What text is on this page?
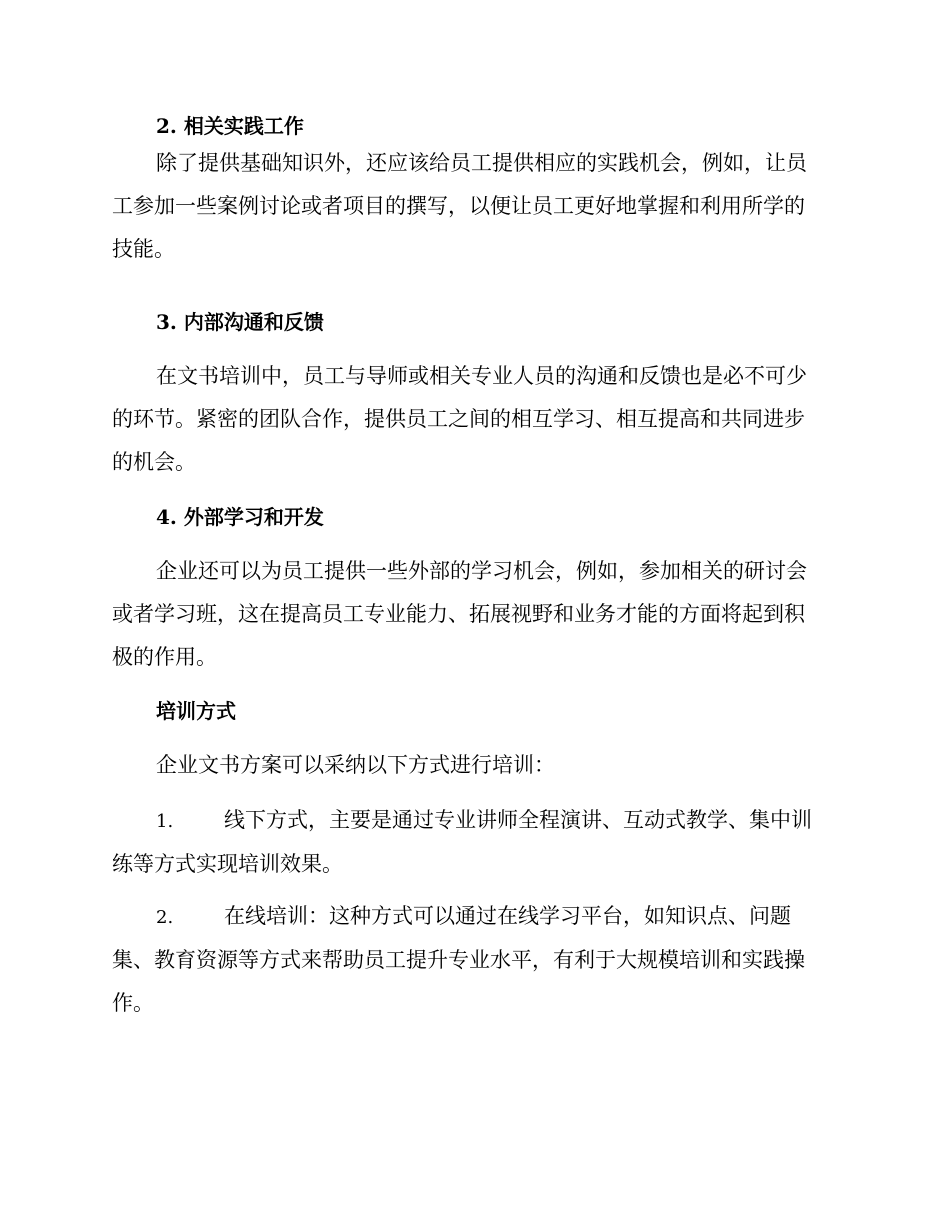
2. 相关实践工作

除了提供基础知识外，还应该给员工提供相应的实践机会，例如，让员
工参加一些案例讨论或者项目的撰写，以便让员工更好地掌握和利用所学的
技能。

3. 内部沟通和反馈

在文书培训中，员工与导师或相关专业人员的沟通和反馈也是必不可少
的环节。紧密的团队合作，提供员工之间的相互学习、相互提高和共同进步
的机会。

4. 外部学习和开发

企业还可以为员工提供一些外部的学习机会，例如，参加相关的研讨会
或者学习班，这在提高员工专业能力、拓展视野和业务才能的方面将起到积
极的作用。

培训方式

企业文书方案可以采纳以下方式进行培训：

1. 线下方式，主要是通过专业讲师全程演讲、互动式教学、集中训
练等方式实现培训效果。

2. 在线培训：这种方式可以通过在线学习平台，如知识点、问题
集、教育资源等方式来帮助员工提升专业水平，有利于大规模培训和实践操
作。
